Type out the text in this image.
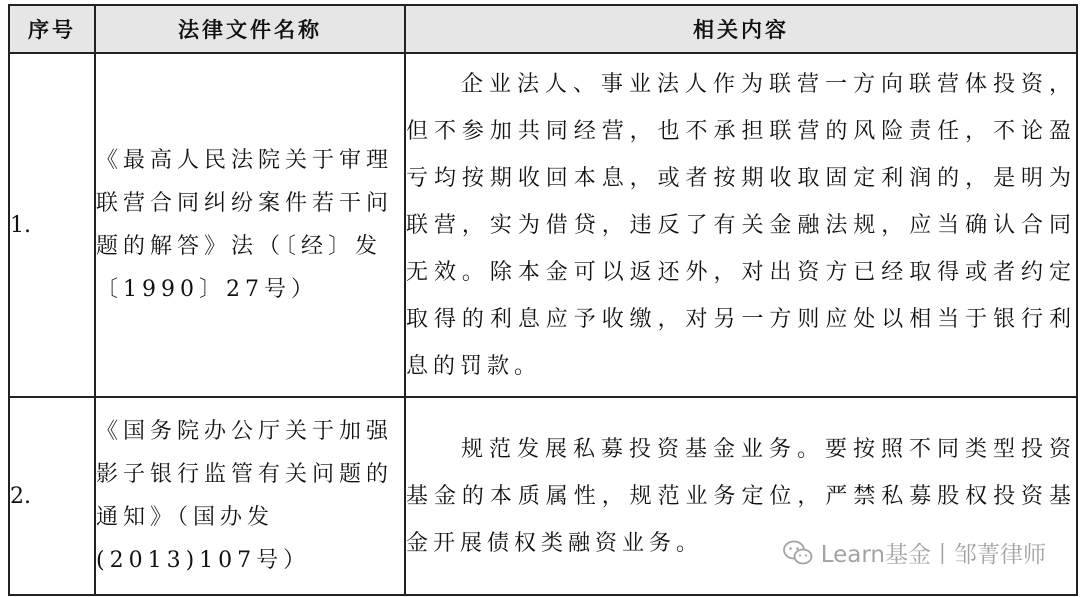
序号	法律文件名称	相关内容
1.	《最高人民法院关于审理联营合同纠纷案件若干问题的解答》法（〔经〕发〔1990〕27号）	企业法人、事业法人作为联营一方向联营体投资，但不参加共同经营，也不承担联营的风险责任，不论盈亏均按期收回本息，或者按期收取固定利润的，是明为联营，实为借贷，违反了有关金融法规，应当确认合同无效。除本金可以返还外，对出资方已经取得或者约定取得的利息应予收缴，对另一方则应处以相当于银行利息的罚款。
2.	《国务院办公厅关于加强影子银行监管有关问题的通知》（国办发(2013)107号）	规范发展私募投资基金业务。要按照不同类型投资基金的本质属性，规范业务定位，严禁私募股权投资基金开展债权类融资业务。	Learn基金丨邹菁律师
